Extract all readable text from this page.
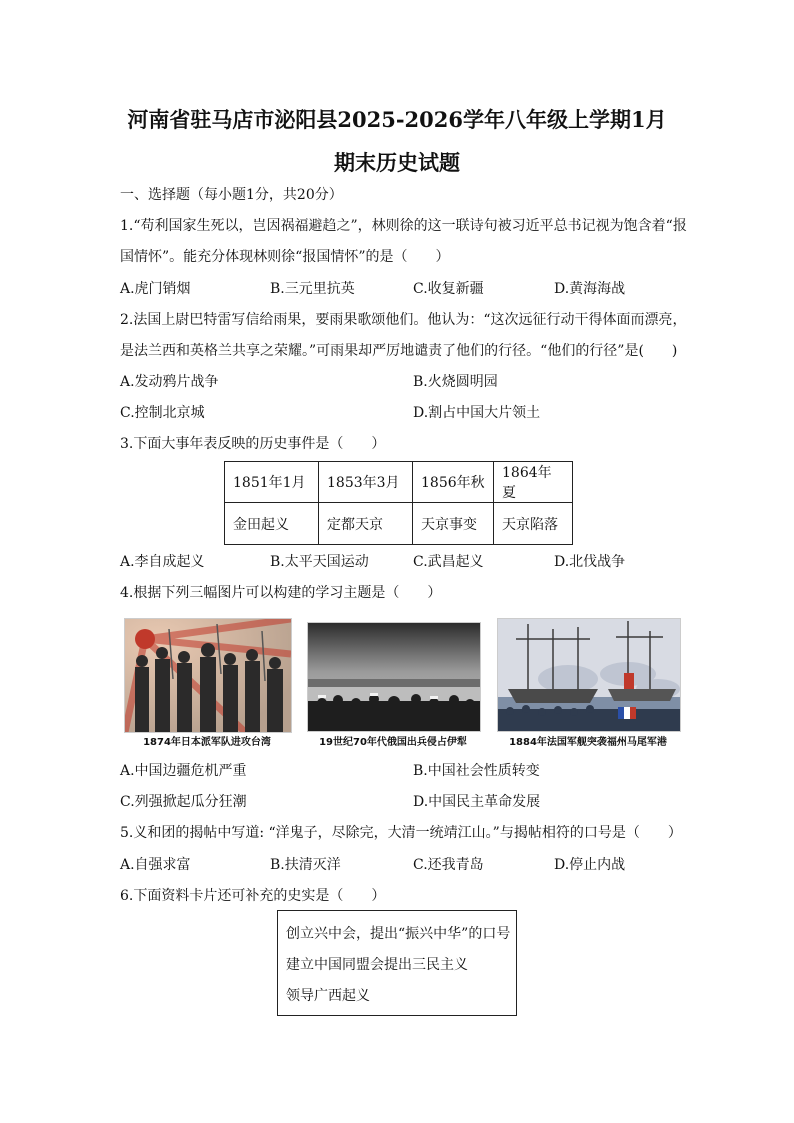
河南省驻马店市泌阳县2025-2026学年八年级上学期1月
期末历史试题
一、选择题（每小题1分，共20分）
1.“苟利国家生死以，岂因祸福避趋之”，林则徐的这一联诗句被习近平总书记视为饱含着“报
国情怀”。能充分体现林则徐“报国情怀”的是（　　）
A.虎门销烟	B.三元里抗英	C.收复新疆	D.黄海海战
2.法国上尉巴特雷写信给雨果，要雨果歌颂他们。他认为：“这次远征行动干得体面而漂亮，
是法兰西和英格兰共享之荣耀。”可雨果却严厉地谴责了他们的行径。“他们的行径”是(　　)
A.发动鸦片战争	B.火烧圆明园
C.控制北京城	D.割占中国大片领土
3.下面大事年表反映的历史事件是（　　）
1851年1月	1853年3月	1856年秋	1864年夏
金田起义	定都天京	天京事变	天京陷落
A.李自成起义	B.太平天国运动	C.武昌起义	D.北伐战争
4.根据下列三幅图片可以构建的学习主题是（　　）
1874年日本派军队进攻台湾	19世纪70年代俄国出兵侵占伊犁	1884年法国军舰突袭福州马尾军港
A.中国边疆危机严重	B.中国社会性质转变
C.列强掀起瓜分狂潮	D.中国民主革命发展
5.义和团的揭帖中写道: “洋鬼子，尽除完，大清一统靖江山。”与揭帖相符的口号是（　　）
A.自强求富	B.扶清灭洋	C.还我青岛	D.停止内战
6.下面资料卡片还可补充的史实是（　　）
创立兴中会，提出“振兴中华”的口号
建立中国同盟会提出三民主义
领导广西起义
